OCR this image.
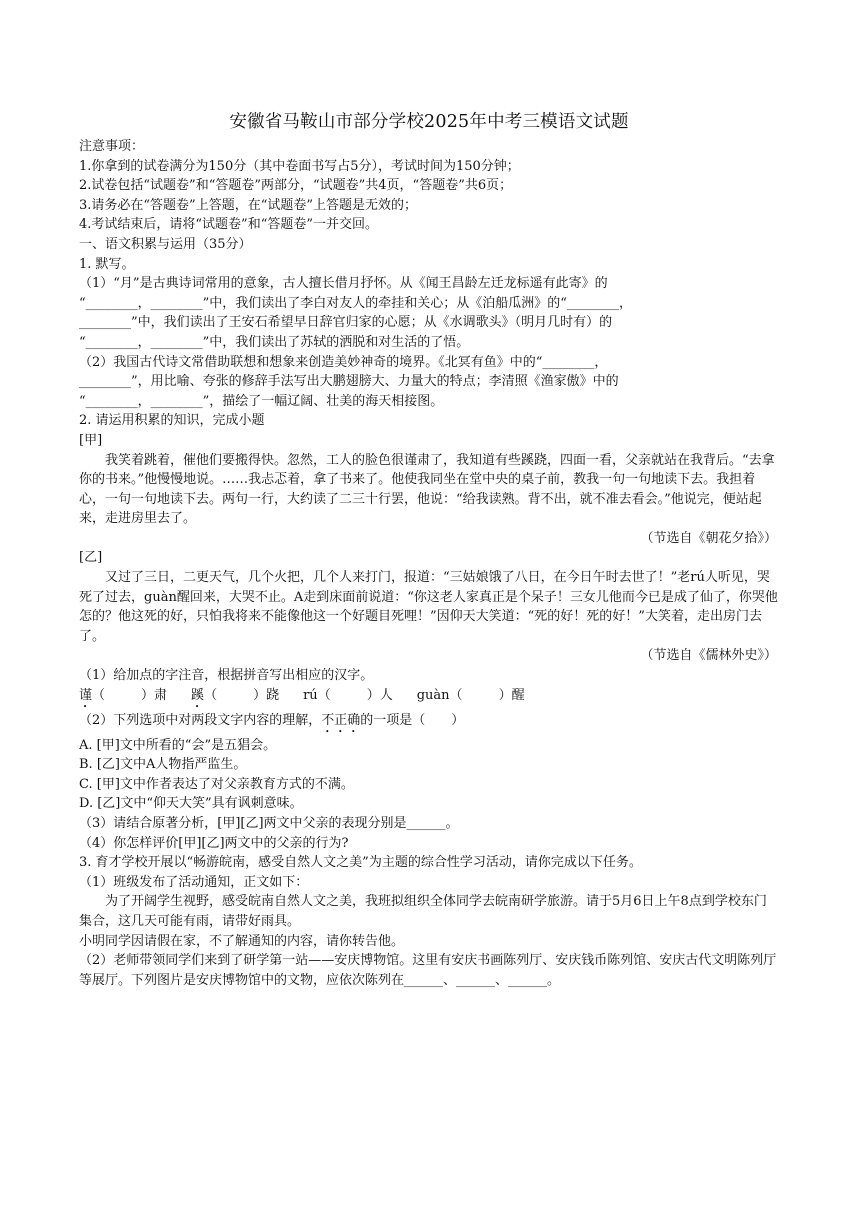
安徽省马鞍山市部分学校2025年中考三模语文试题
注意事项：
1.你拿到的试卷满分为150分（其中卷面书写占5分），考试时间为150分钟；
2.试卷包括“试题卷”和“答题卷”两部分，“试题卷”共4页，“答题卷”共6页；
3.请务必在“答题卷”上答题，在“试题卷”上答题是无效的；
4.考试结束后，请将“试题卷”和“答题卷”一并交回。
一、语文积累与运用（35分）
1. 默写。
（1）“月”是古典诗词常用的意象，古人擅长借月抒怀。从《闻王昌龄左迁龙标遥有此寄》的
“________，________”中，我们读出了李白对友人的牵挂和关心；从《泊船瓜洲》的“________，
________”中，我们读出了王安石希望早日辞官归家的心愿；从《水调歌头》（明月几时有）的
“________，________”中，我们读出了苏轼的洒脱和对生活的了悟。
（2）我国古代诗文常借助联想和想象来创造美妙神奇的境界。《北冥有鱼》中的“________，
________”，用比喻、夸张的修辞手法写出大鹏翅膀大、力量大的特点；李清照《渔家傲》中的
“________，________”，描绘了一幅辽阔、壮美的海天相接图。
2. 请运用积累的知识，完成小题
[甲]
我笑着跳着，催他们要搬得快。忽然，工人的脸色很谨肃了，我知道有些蹊跷，四面一看，父亲就站在我背后。“去拿你的书来。”他慢慢地说。……我忐忑着，拿了书来了。他使我同坐在堂中央的桌子前，教我一句一句地读下去。我担着心，一句一句地读下去。两句一行，大约读了二三十行罢，他说：“给我读熟。背不出，就不准去看会。”他说完，便站起来，走进房里去了。
（节选自《朝花夕拾》）
[乙]
又过了三日，二更天气，几个火把，几个人来打门，报道：“三姑娘饿了八日，在今日午时去世了！”老rú人听见，哭死了过去，guàn醒回来，大哭不止。A走到床面前说道：“你这老人家真正是个呆子！三女儿他而今已是成了仙了，你哭他怎的？他这死的好，只怕我将来不能像他这一个好题目死哩！”因仰天大笑道：“死的好！死的好！”大笑着，走出房门去了。
（节选自《儒林外史》）
（1）给加点的字注音，根据拼音写出相应的汉字。
谨（	）肃 蹊（	）跷 rú（	）人 guàn（	）醒
（2）下列选项中对两段文字内容的理解，不正确的一项是（　　）
A. [甲]文中所看的“会”是五猖会。
B. [乙]文中A人物指严监生。
C. [甲]文中作者表达了对父亲教育方式的不满。
D. [乙]文中“仰天大笑”具有讽刺意味。
（3）请结合原著分析，[甲][乙]两文中父亲的表现分别是______。
（4）你怎样评价[甲][乙]两文中的父亲的行为?
3. 育才学校开展以“畅游皖南，感受自然人文之美”为主题的综合性学习活动，请你完成以下任务。
（1）班级发布了活动通知，正文如下：
为了开阔学生视野，感受皖南自然人文之美，我班拟组织全体同学去皖南研学旅游。请于5月6日上午8点到学校东门集合，这几天可能有雨，请带好雨具。
小明同学因请假在家，不了解通知的内容，请你转告他。
（2）老师带领同学们来到了研学第一站——安庆博物馆。这里有安庆书画陈列厅、安庆钱币陈列馆、安庆古代文明陈列厅等展厅。下列图片是安庆博物馆中的文物，应依次陈列在______、______、______。
